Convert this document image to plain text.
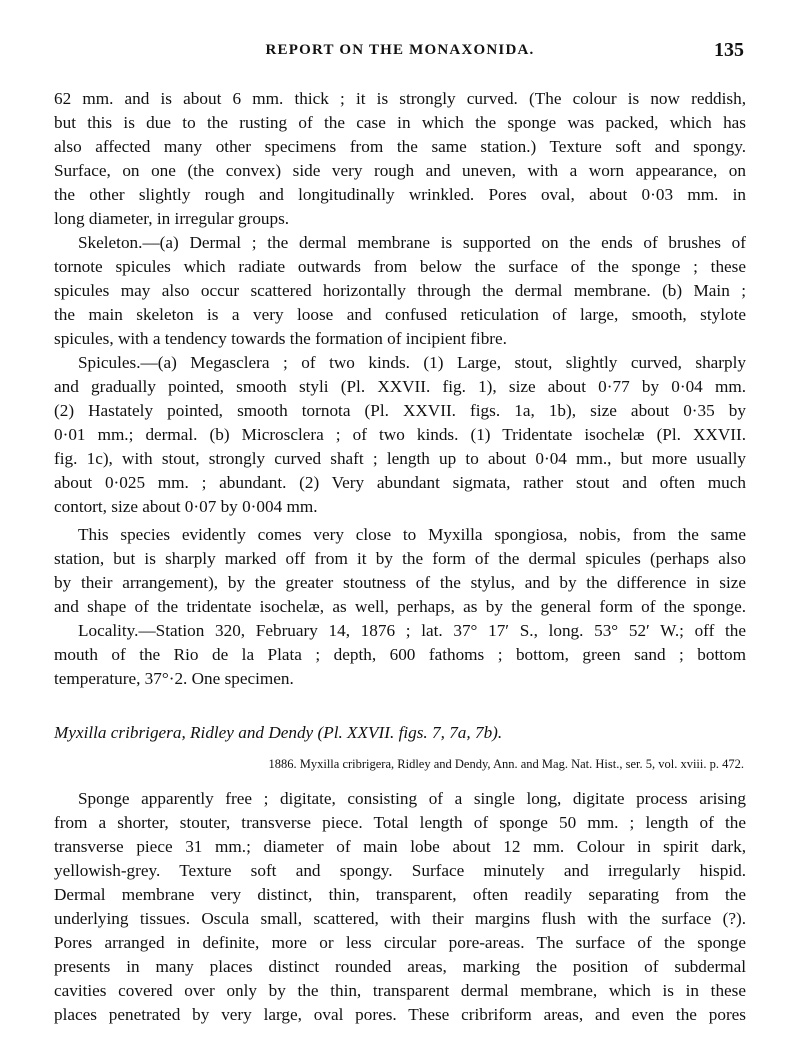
REPORT ON THE MONAXONIDA.	135
62 mm. and is about 6 mm. thick ; it is strongly curved. (The colour is now reddish,
but this is due to the rusting of the case in which the sponge was packed, which has
also affected many other specimens from the same station.) Texture soft and spongy.
Surface, on one (the convex) side very rough and uneven, with a worn appearance, on
the other slightly rough and longitudinally wrinkled. Pores oval, about 0·03 mm. in
long diameter, in irregular groups.
Skeleton.—(a) Dermal ; the dermal membrane is supported on the ends of brushes of
tornote spicules which radiate outwards from below the surface of the sponge ; these
spicules may also occur scattered horizontally through the dermal membrane. (b) Main ;
the main skeleton is a very loose and confused reticulation of large, smooth, stylote
spicules, with a tendency towards the formation of incipient fibre.
Spicules.—(a) Megasclera ; of two kinds. (1) Large, stout, slightly curved, sharply
and gradually pointed, smooth styli (Pl. XXVII. fig. 1), size about 0·77 by 0·04 mm.
(2) Hastately pointed, smooth tornota (Pl. XXVII. figs. 1a, 1b), size about 0·35 by
0·01 mm.; dermal. (b) Microsclera ; of two kinds. (1) Tridentate isochelæ (Pl. XXVII.
fig. 1c), with stout, strongly curved shaft ; length up to about 0·04 mm., but more usually
about 0·025 mm. ; abundant. (2) Very abundant sigmata, rather stout and often much
contort, size about 0·07 by 0·004 mm.
This species evidently comes very close to Myxilla spongiosa, nobis, from the same
station, but is sharply marked off from it by the form of the dermal spicules (perhaps also
by their arrangement), by the greater stoutness of the stylus, and by the difference in size
and shape of the tridentate isochelæ, as well, perhaps, as by the general form of the sponge.
Locality.—Station 320, February 14, 1876 ; lat. 37° 17′ S., long. 53° 52′ W.; off the
mouth of the Rio de la Plata ; depth, 600 fathoms ; bottom, green sand ; bottom
temperature, 37°·2. One specimen.
Myxilla cribrigera, Ridley and Dendy (Pl. XXVII. figs. 7, 7a, 7b).
1886. Myxilla cribrigera, Ridley and Dendy, Ann. and Mag. Nat. Hist., ser. 5, vol. xviii. p. 472.
Sponge apparently free ; digitate, consisting of a single long, digitate process arising
from a shorter, stouter, transverse piece. Total length of sponge 50 mm. ; length of the
transverse piece 31 mm.; diameter of main lobe about 12 mm. Colour in spirit dark,
yellowish-grey. Texture soft and spongy. Surface minutely and irregularly hispid.
Dermal membrane very distinct, thin, transparent, often readily separating from the
underlying tissues. Oscula small, scattered, with their margins flush with the surface (?).
Pores arranged in definite, more or less circular pore-areas. The surface of the sponge
presents in many places distinct rounded areas, marking the position of subdermal
cavities covered over only by the thin, transparent dermal membrane, which is in these
places penetrated by very large, oval pores. These cribriform areas, and even the pores
